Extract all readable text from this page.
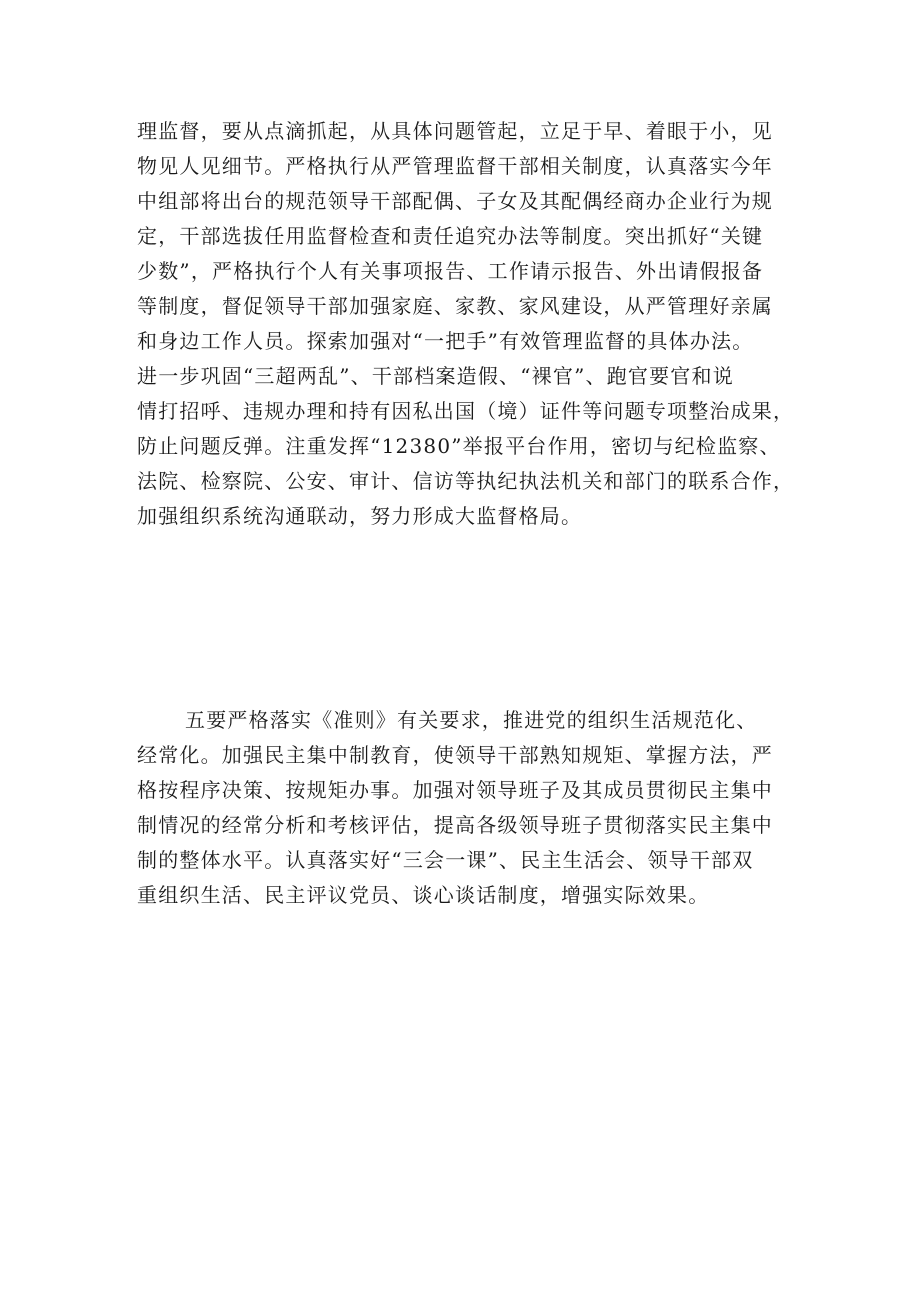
理监督，要从点滴抓起，从具体问题管起，立足于早、着眼于小，见
物见人见细节。严格执行从严管理监督干部相关制度，认真落实今年
中组部将出台的规范领导干部配偶、子女及其配偶经商办企业行为规
定，干部选拔任用监督检查和责任追究办法等制度。突出抓好“关键
少数”，严格执行个人有关事项报告、工作请示报告、外出请假报备
等制度，督促领导干部加强家庭、家教、家风建设，从严管理好亲属
和身边工作人员。探索加强对“一把手”有效管理监督的具体办法。
进一步巩固“三超两乱”、干部档案造假、“裸官”、跑官要官和说
情打招呼、违规办理和持有因私出国（境）证件等问题专项整治成果，
防止问题反弹。注重发挥“12380”举报平台作用，密切与纪检监察、
法院、检察院、公安、审计、信访等执纪执法机关和部门的联系合作，
加强组织系统沟通联动，努力形成大监督格局。
五要严格落实《准则》有关要求，推进党的组织生活规范化、
经常化。加强民主集中制教育，使领导干部熟知规矩、掌握方法，严
格按程序决策、按规矩办事。加强对领导班子及其成员贯彻民主集中
制情况的经常分析和考核评估，提高各级领导班子贯彻落实民主集中
制的整体水平。认真落实好“三会一课”、民主生活会、领导干部双
重组织生活、民主评议党员、谈心谈话制度，增强实际效果。
